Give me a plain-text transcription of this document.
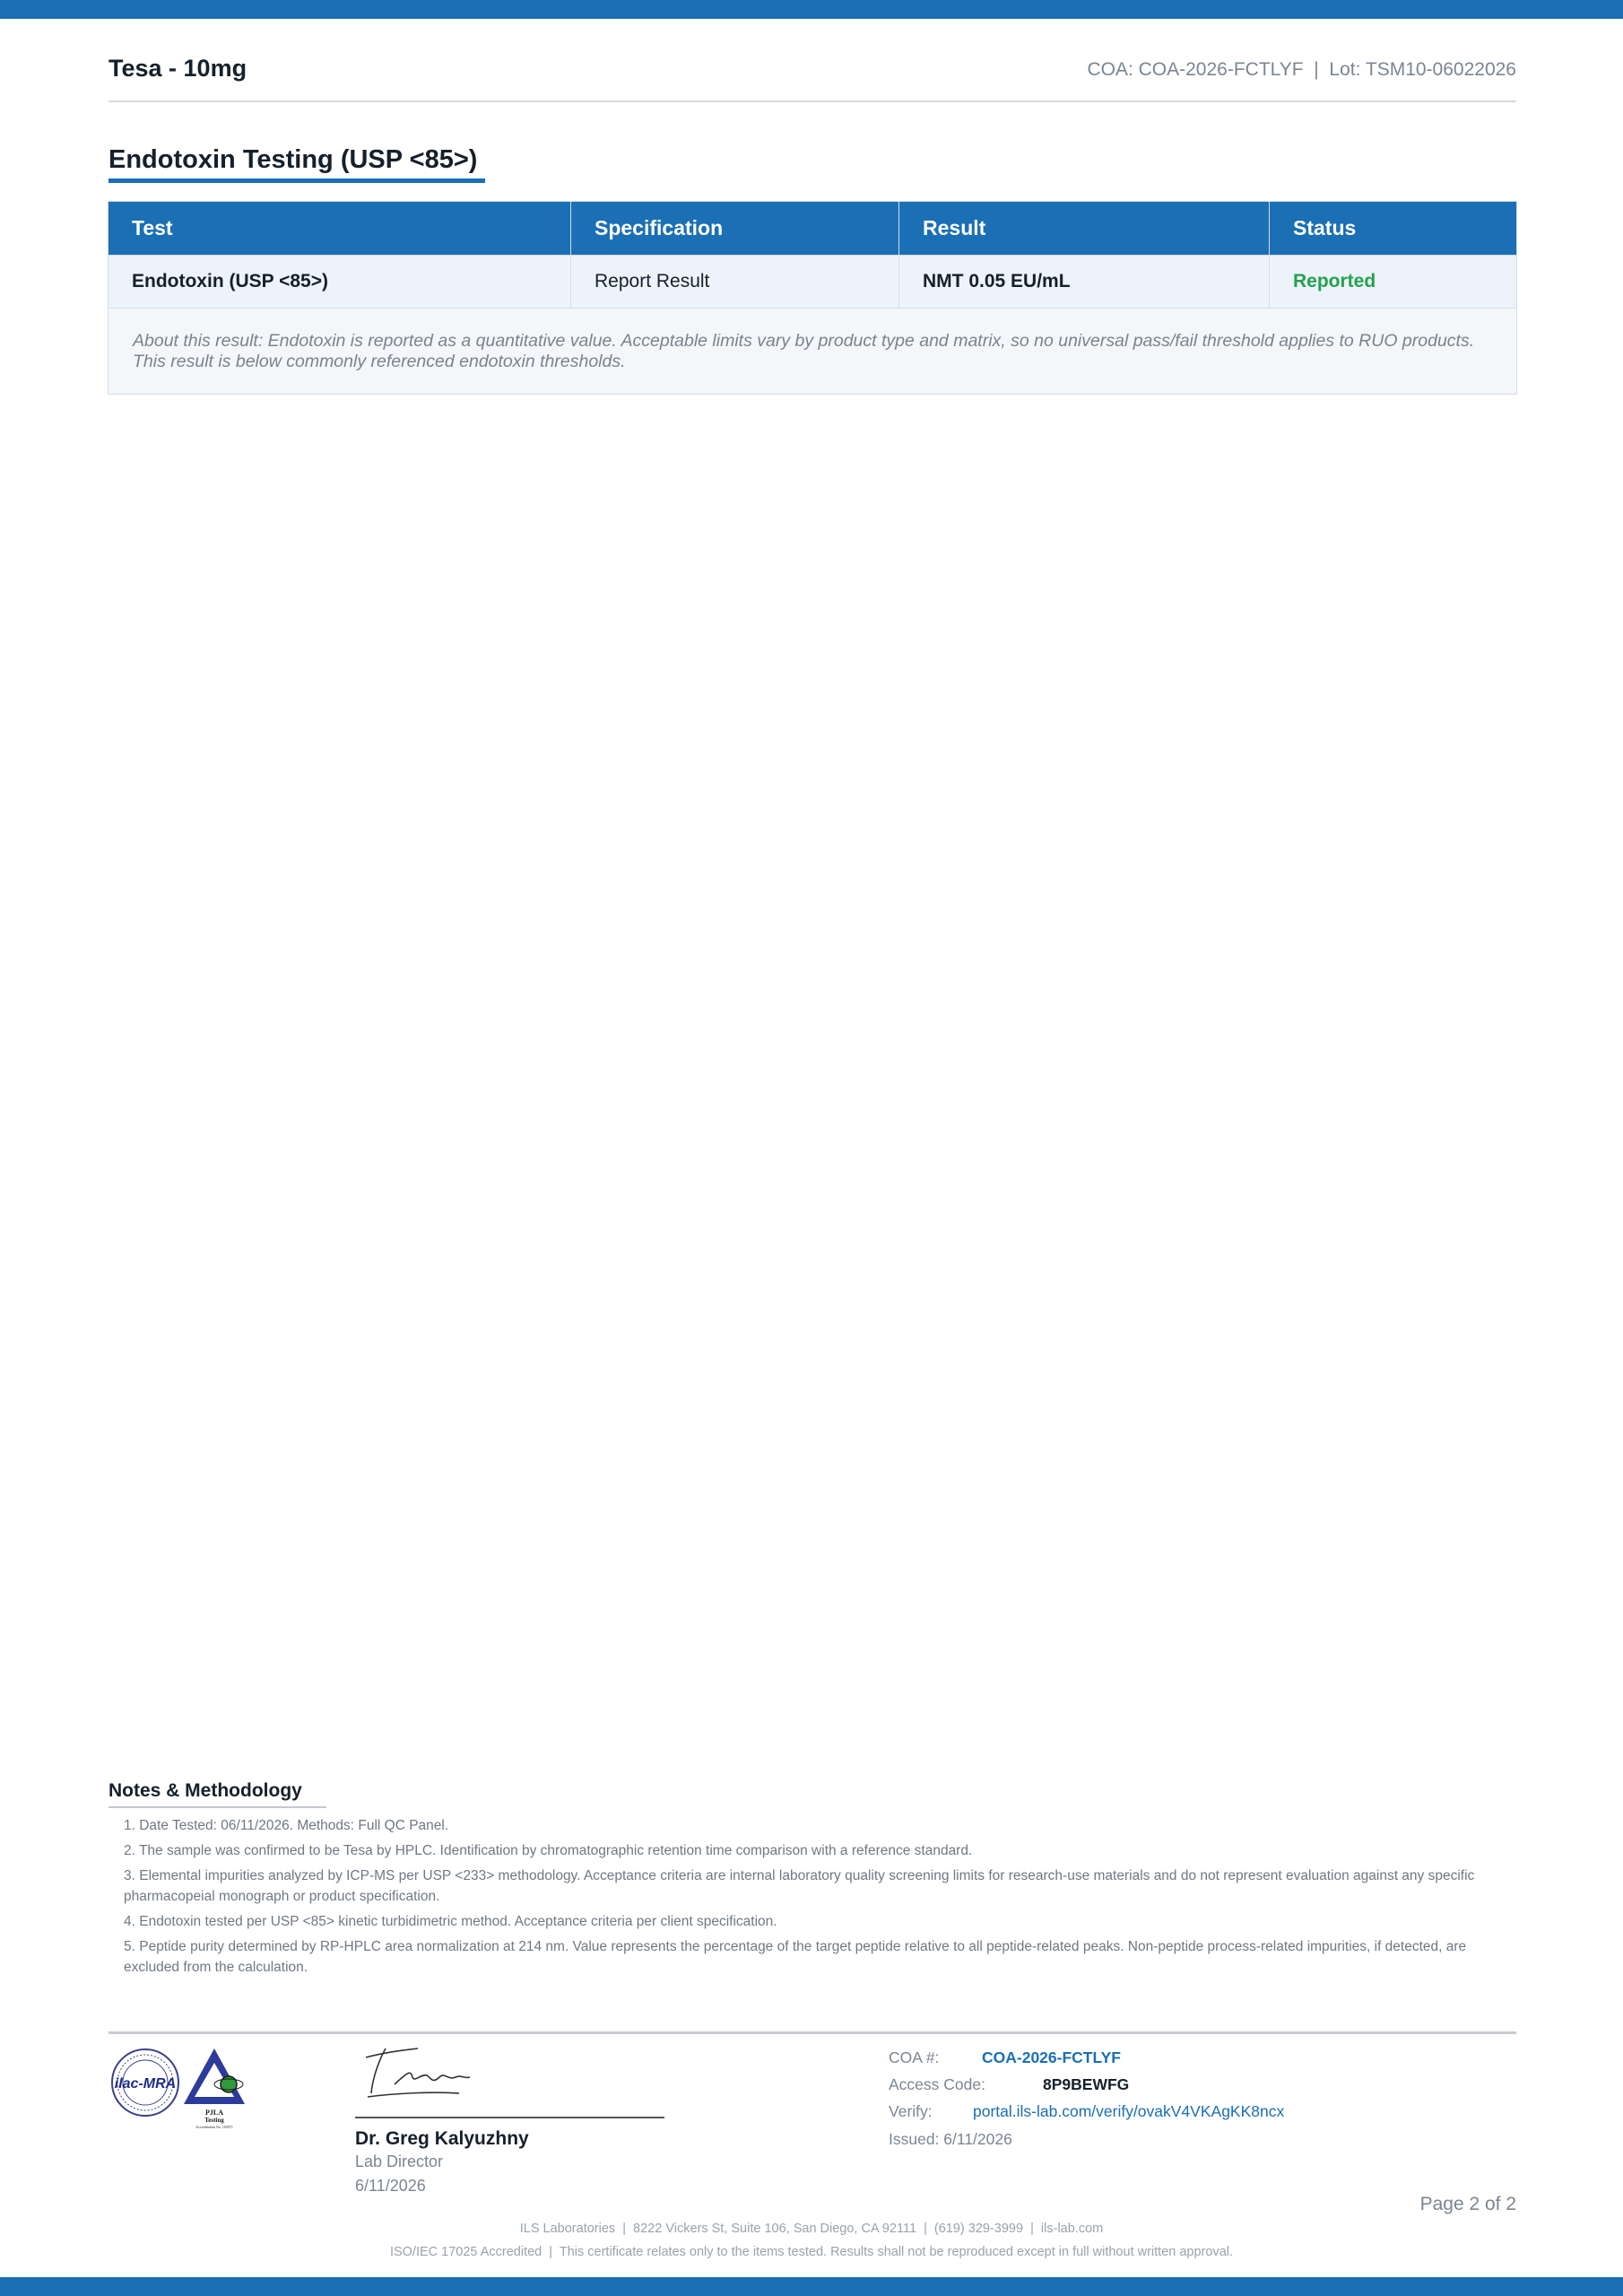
Tesa - 10mg	COA: COA-2026-FCTLYF  |  Lot: TSM10-06022026
Endotoxin Testing (USP <85>)
Test	Specification	Result	Status
Endotoxin (USP <85>)	Report Result	NMT 0.05 EU/mL	Reported
About this result: Endotoxin is reported as a quantitative value. Acceptable limits vary by product type and matrix, so no universal pass/fail threshold applies to RUO products. This result is below commonly referenced endotoxin thresholds.			
Notes & Methodology
1. Date Tested: 06/11/2026. Methods: Full QC Panel.
2. The sample was confirmed to be Tesa by HPLC. Identification by chromatographic retention time comparison with a reference standard.
3. Elemental impurities analyzed by ICP-MS per USP <233> methodology. Acceptance criteria are internal laboratory quality screening limits for research-use materials and do not represent evaluation against any specific pharmacopeial monograph or product specification.
4. Endotoxin tested per USP <85> kinetic turbidimetric method. Acceptance criteria per client specification.
5. Peptide purity determined by RP-HPLC area normalization at 214 nm. Value represents the percentage of the target peptide relative to all peptide-related peaks. Non-peptide process-related impurities, if detected, are excluded from the calculation.
ilac-MRA
PJLA
Testing
Accreditation No. 105071
Dr. Greg Kalyuzhny
Lab Director
6/11/2026
COA #:	COA-2026-FCTLYF
Access Code:	8P9BEWFG
Verify:	portal.ils-lab.com/verify/ovakV4VKAgKK8ncx
Issued: 6/11/2026
Page 2 of 2
ILS Laboratories  |  8222 Vickers St, Suite 106, San Diego, CA 92111  |  (619) 329-3999  |  ils-lab.com
ISO/IEC 17025 Accredited  |  This certificate relates only to the items tested. Results shall not be reproduced except in full without written approval.
